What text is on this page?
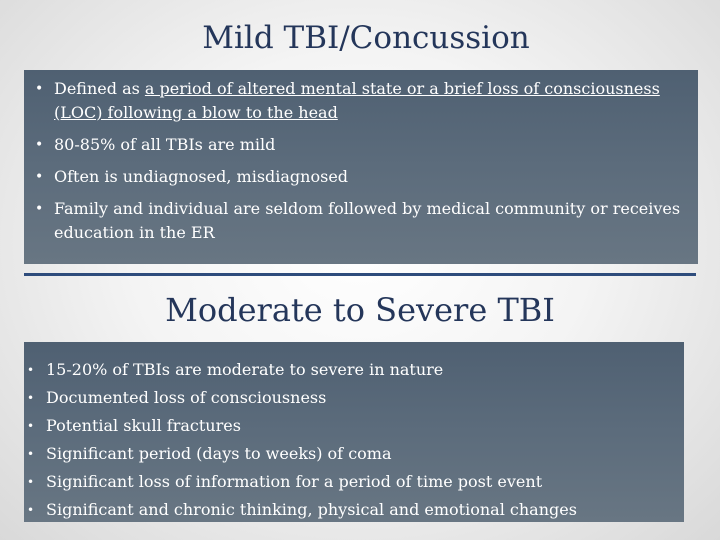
Mild TBI/Concussion
• Defined as a period of altered mental state or a brief loss of consciousness (LOC) following a blow to the head
• 80-85% of all TBIs are mild
• Often is undiagnosed, misdiagnosed
• Family and individual are seldom followed by medical community or receives education in the ER
Moderate to Severe TBI
• 15-20% of TBIs are moderate to severe in nature
• Documented loss of consciousness
• Potential skull fractures
• Significant period (days to weeks) of coma
• Significant loss of information for a period of time post event
• Significant and chronic thinking, physical and emotional changes
